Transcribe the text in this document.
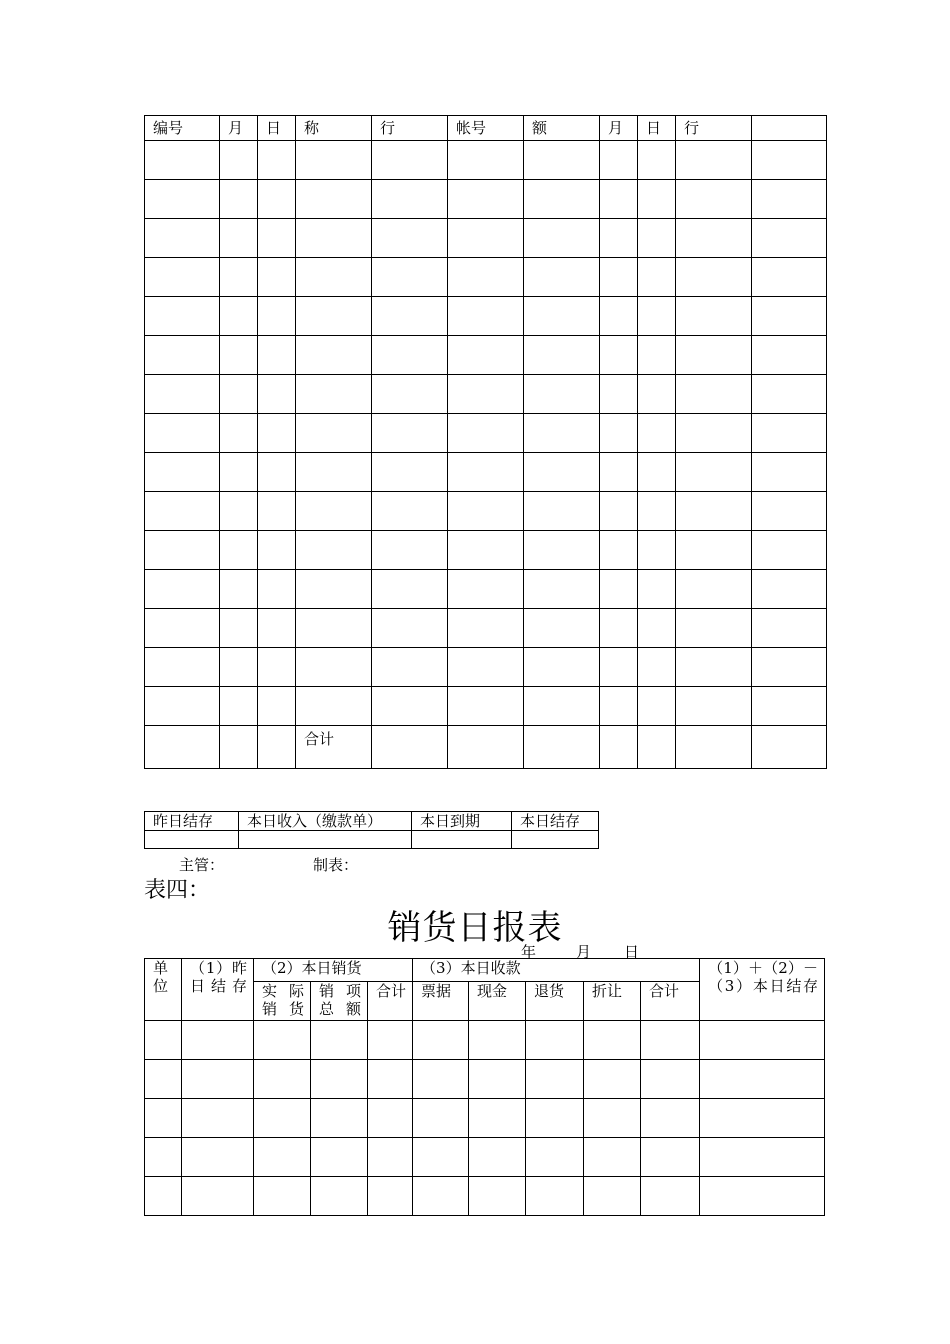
编号	月	日	称	行	帐号	额	月	日	行	

			合计							
昨日结存	本日收入（缴款单）	本日到期	本日结存

主管：	制表：
表四：
销货日报表
年	月 日
单位	（1）昨日结存	（2）本日销货			（3）本日收款					（1）＋（2）－（3）本日结存
		实际销货	销项总额	合计	票据	现金	退货	折让	合计	
